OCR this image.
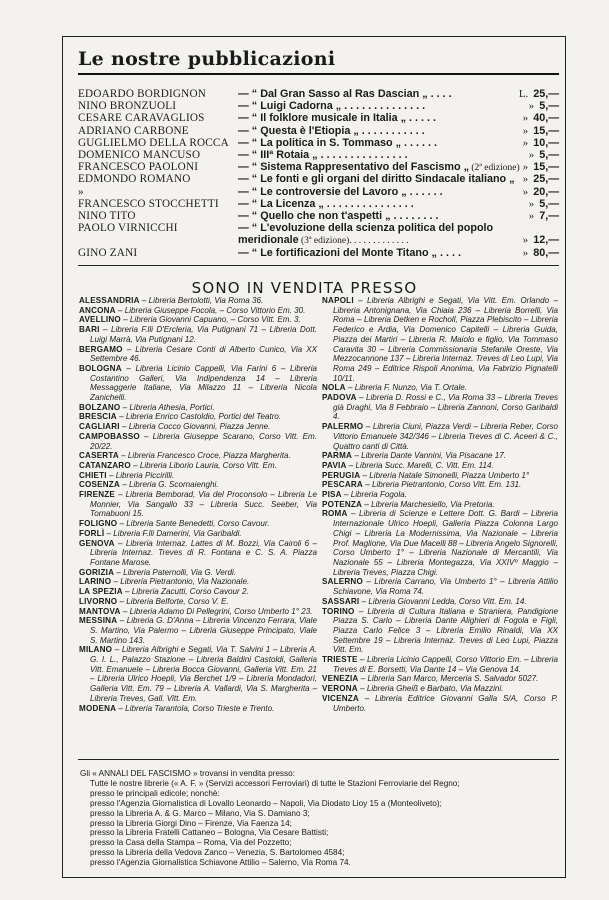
Le nostre pubblicazioni
EDOARDO BORDIGNON	— “ Dal Gran Sasso al Ras Dascian „ . . . .	L. 25,—
NINO BRONZUOLI	— “ Luigi Cadorna „ . . . . . . . . . . . . . .	» 5,—
CESARE CARAVAGLIOS	— “ Il folklore musicale in Italia „ . . . . .	» 40,—
ADRIANO CARBONE	— “ Questa è l'Etiopia „ . . . . . . . . . . .	» 15,—
GUGLIELMO DELLA ROCCA — “ La politica in S. Tommaso „ . . . . . .	» 10,—
DOMENICO MANCUSO	— “ IIIª Rotaia „ . . . . . . . . . . . . . . .	» 5,—
FRANCESCO PAOLONI	— “ Sistema Rappresentativo del Fascismo „ (2ª edizione) » 15,—
EDMONDO ROMANO	— “ Le fonti e gli organi del diritto Sindacale italiano „ » 25,—
»	— “ Le controversie del Lavoro „ . . . . . .	» 20,—
FRANCESCO STOCCHETTI — “ La Licenza „ . . . . . . . . . . . . . . .	» 5,—
NINO TITO	— “ Quello che non t'aspetti „ . . . . . . . .	» 7,—
PAOLO VIRNICCHI	— “ L'evoluzione della scienza politica del popolo
meridionale (3ª edizione). . . . . . . . . . . . .	» 12,—
GINO ZANI	— “ Le fortificazioni del Monte Titano „ . . . .	» 80,—
SONO IN VENDITA PRESSO
ALESSANDRIA – Libreria Bertolotti, Via Roma 36.
ANCONA – Libreria Giuseppe Focola, – Corso Vittorio Em. 30.
AVELLINO – Libreria Giovanni Capuano, – Corso Vitt. Em. 3.
BARI – Libreria F.lli D'Ercleria, Via Putignani 71 – Libreria Dott. Luigi Marrà, Via Putignani 12.
BERGAMO – Libreria Cesare Conti di Alberto Cunico, Via XX Settembre 46.
BOLOGNA – Libreria Licinio Cappelli, Via Farini 6 – Libreria Costantino Galleri, Via Indipendenza 14 – Libreria Messaggerie Italiane, Via Milazzo 11 – Libreria Nicola Zanichelli.
BOLZANO – Libreria Athesia, Portici.
BRESCIA – Libreria Enrico Castoldio, Portici del Teatro.
CAGLIARI – Libreria Cocco Giovanni, Piazza Jenne.
CAMPOBASSO – Libreria Giuseppe Scarano, Corso Vitt. Em. 20/22.
CASERTA – Libreria Francesco Croce, Piazza Margherita.
CATANZARO – Libreria Liborio Lauria, Corso Vitt. Em.
CHIETI – Libreria Piccirilli.
COSENZA – Libreria G. Scornaienghi.
FIRENZE – Libreria Bemborad, Via del Proconsolo – Libreria Le Monnier, Via Sangallo 33 – Libreria Succ. Seeber, Via Tornabuoni 15.
FOLIGNO – Libreria Sante Benedetti, Corso Cavour.
FORLÌ – Libreria F.lli Damerini, Via Garibaldi.
GENOVA – Libreria Internaz. Lattes di M. Bozzi, Via Cairoli 6 – Libreria Internaz. Treves di R. Fontana e C. S. A. Piazza Fontane Marose.
GORIZIA – Libreria Paternolli, Via G. Verdi.
LARINO – Libreria Pietrantonio, Via Nazionale.
LA SPEZIA – Libreria Zacutti, Corso Cavour 2.
LIVORNO – Libreria Belforte, Corso V. E.
MANTOVA – Libreria Adamo Di Pellegrini, Corso Umberto 1° 23.
MESSINA – Libreria G. D'Anna – Libreria Vincenzo Ferrara, Viale S. Martino, Via Palermo – Libreria Giuseppe Principato, Viale S. Martino 143.
MILANO – Libreria Albrighi e Segati, Via T. Salvini 1 – Libreria A. G. I. L., Palazzo Stazione – Libreria Baldini Castoldi, Galleria Vitt. Emanuele – Libreria Bocca Giovanni, Galleria Vitt. Em. 21 – Libreria Ulrico Hoepli, Via Berchet 1/9 – Libreria Mondadori, Galleria Vitt. Em. 79 – Libreria A. Vallardi, Via S. Margherita – Libreria Treves, Gall. Vitt. Em.
MODENA – Libreria Tarantola, Corso Trieste e Trento.
NAPOLI – Libreria Albrighi e Segati, Via Vitt. Em. Orlando – Libreria Antonignana, Via Chiaia 236 – Libreria Borrelli, Via Roma – Libreria Detken e Rocholl, Piazza Plebiscito – Libreria Federico e Ardia, Via Domenico Capitelli – Libreria Guida, Piazza dei Martiri – Libreria R. Maiolo e figlio, Via Tommaso Caravita 30 – Libreria Commissionaria Stefanile Oreste, Via Mezzocannone 137 – Libreria Internaz. Treves di Leo Lupi, Via Roma 249 – Editrice Rispoli Anonima, Via Fabrizio Pignatelli 10/11.
NOLA – Libreria F. Nunzo, Via T. Ortale.
PADOVA – Libreria D. Rossi e C., Via Roma 33 – Libreria Treves già Draghi, Via 8 Febbraio – Libreria Zannoni, Corso Garibaldi 4.
PALERMO – Libreria Ciuni, Piazza Verdi – Libreria Reber, Corso Vittorio Emanuele 342/346 – Libreria Treves di C. Aceeri & C., Quattro canti di Città.
PARMA – Libreria Dante Vannini, Via Pisacane 17.
PAVIA – Libreria Succ. Marelli, C. Vitt. Em. 114.
PERUGIA – Libreria Natale Simonelli, Piazza Umberto 1°
PESCARA – Libreria Pietrantonio, Corso Vitt. Em. 131.
PISA – Libreria Fogola.
POTENZA – Libreria Marchesiello, Via Pretoria.
ROMA – Libreria di Scienze e Lettere Dott. G. Bardi – Libreria Internazionale Ulrico Hoepli, Galleria Piazza Colonna Largo Chigi – Libreria La Modernissima, Via Nazionale – Libreria Prof. Maglione, Via Due Macelli 88 – Libreria Angelo Signorelli, Corso Umberto 1° – Libreria Nazionale di Mercantili, Via Nazionale 55 – Libreria Montegazza, Via XXIVº Maggio – Libreria Treves, Piazza Chigi.
SALERNO – Libreria Carrano, Via Umberto 1° – Libreria Attilio Schiavone, Via Roma 74.
SASSARI – Libreria Giovanni Ledda, Corso Vitt. Em. 14.
TORINO – Libreria di Cultura Italiana e Straniera, Pandigione Piazza S. Carlo – Libreria Dante Alighieri di Fogola e Figli, Piazza Carlo Felice 3 – Libreria Emilio Rinaldi, Via XX Settembre 19 – Libreria Internaz. Treves di Leo Lupi, Piazza Vitt. Em.
TRIESTE – Libreria Licinio Cappelli, Corso Vittorio Em. – Libreria Treves di E. Borsetti, Via Dante 14 – Via Genova 14.
VENEZIA – Libreria San Marco, Merceria S. Salvador 5027.
VERONA – Libreria Gheiß e Barbato, Via Mazzini.
VICENZA – Libreria Editrice Giovanni Galla S/A, Corso P. Umberto.
Gli « ANNALI DEL FASCISMO » trovansi in vendita presso:
Tutte le nostre librerie (« A. F. » (Servizi accessori Ferroviari) di tutte le Stazioni Ferroviarie del Regno;
presso le principali edicole; nonchè:
presso l'Agenzia Giornalistica di Lovallo Leonardo – Napoli, Via Diodato Lioy 15 a (Monteoliveto);
presso la Libreria A. & G. Marco – Milano, Via S. Damiano 3;
presso la Libreria Giorgi Dino – Firenze, Via Faenza 14;
presso la Libreria Fratelli Cattaneo – Bologna, Via Cesare Battisti;
presso la Casa della Stampa – Roma, Via del Pozzetto;
presso la Libreria della Vedova Zanco – Venezia, S. Bartolomeo 4584;
presso l'Agenzia Giornalistica Schiavone Attilio – Salerno, Via Roma 74.
